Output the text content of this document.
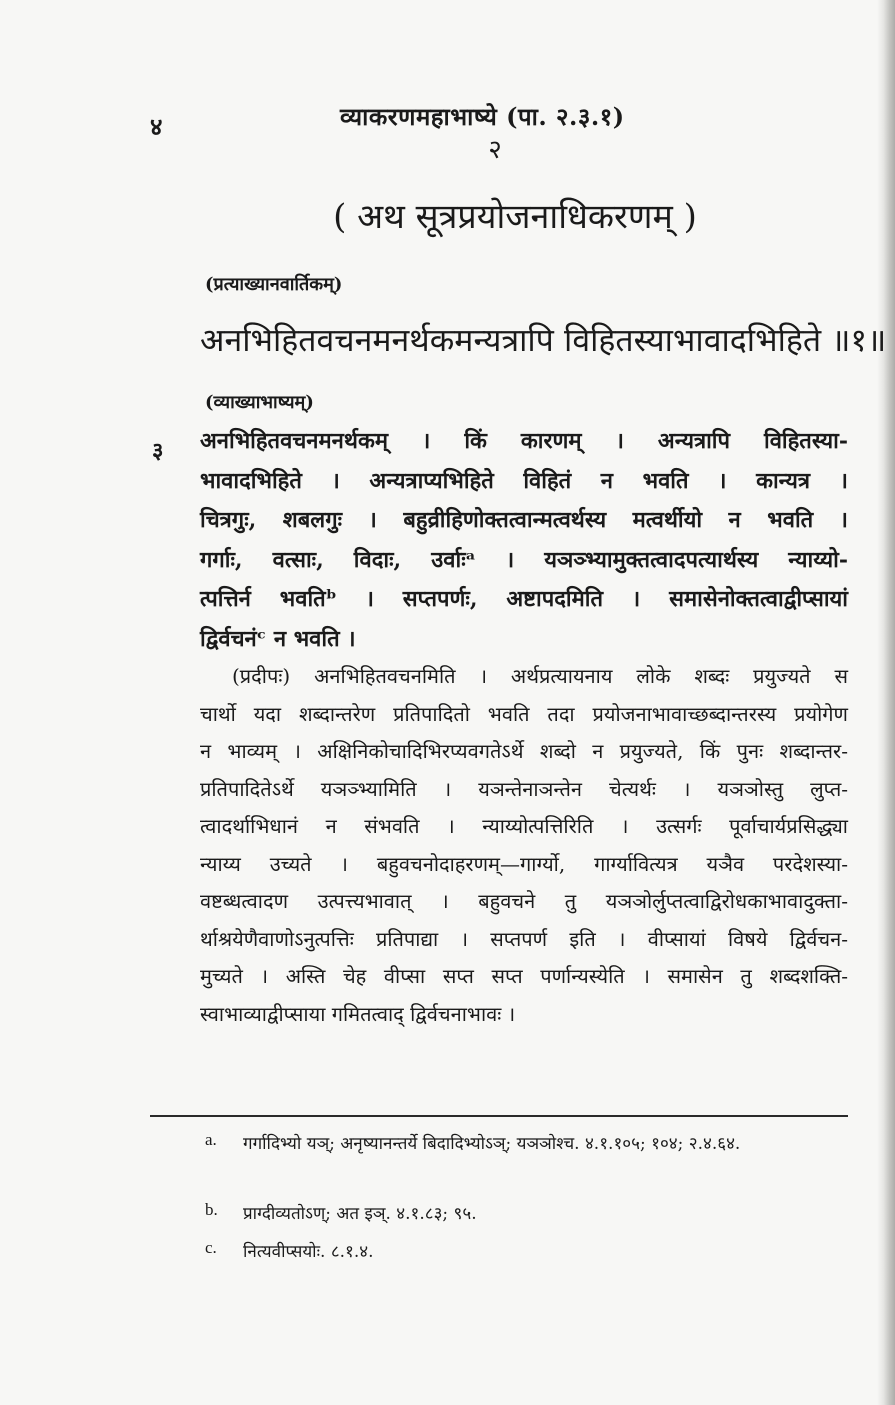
४	व्याकरणमहाभाष्ये (पा. २.३.१)
२
( अथ सूत्रप्रयोजनाधिकरणम् )
(प्रत्याख्यानवार्तिकम्)
अनभिहितवचनमनर्थकमन्यत्रापि विहितस्याभावादभिहिते ॥१॥
(व्याख्याभाष्यम्)
३ अनभिहितवचनमनर्थकम् । किं कारणम् । अन्यत्रापि विहितस्या-
भावादभिहिते । अन्यत्राप्यभिहिते विहितं न भवति । कान्यत्र ।
चित्रगुः, शबलगुः । बहुव्रीहिणोक्तत्वान्मत्वर्थस्य मत्वर्थीयो न भवति ।
गर्गाः, वत्साः, विदाः, उर्वाःᵃ । यञञ्भ्यामुक्तत्वादपत्यार्थस्य न्याय्यो-
त्पत्तिर्न भवतिᵇ । सप्तपर्णः, अष्टापदमिति । समासेनोक्तत्वाद्वीप्सायां
द्विर्वचनंᶜ न भवति ।
(प्रदीपः) अनभिहितवचनमिति । अर्थप्रत्यायनाय लोके शब्दः प्रयुज्यते स
चार्थो यदा शब्दान्तरेण प्रतिपादितो भवति तदा प्रयोजनाभावाच्छब्दान्तरस्य प्रयोगेण
न भाव्यम् । अक्षिनिकोचादिभिरप्यवगतेऽर्थे शब्दो न प्रयुज्यते, किं पुनः शब्दान्तर-
प्रतिपादितेऽर्थे यञञ्भ्यामिति । यञन्तेनाञन्तेन चेत्यर्थः । यञञोस्तु लुप्त-
त्वादर्थाभिधानं न संभवति । न्याय्योत्पत्तिरिति । उत्सर्गः पूर्वाचार्यप्रसिद्ध्या
न्याय्य उच्यते । बहुवचनोदाहरणम्—गार्ग्यो, गार्ग्यावित्यत्र यञैव परदेशस्या-
वष्टब्धत्वादण उत्पत्त्यभावात् । बहुवचने तु यञञोर्लुप्तत्वाद्विरोधकाभावादुक्ता-
र्थाश्रयेणैवाणोऽनुत्पत्तिः प्रतिपाद्या । सप्तपर्ण इति । वीप्सायां विषये द्विर्वचन-
मुच्यते । अस्ति चेह वीप्सा सप्त सप्त पर्णान्यस्येति । समासेन तु शब्दशक्ति-
स्वाभाव्याद्वीप्साया गमितत्वाद् द्विर्वचनाभावः ।
a. गर्गादिभ्यो यञ्; अनृष्यानन्तर्ये बिदादिभ्योऽञ्; यञञोश्च. ४.१.१०५; १०४; २.४.६४.
b. प्राग्दीव्यतोऽण्; अत इञ्. ४.१.८३; ९५.
c. नित्यवीप्सयोः. ८.१.४.
